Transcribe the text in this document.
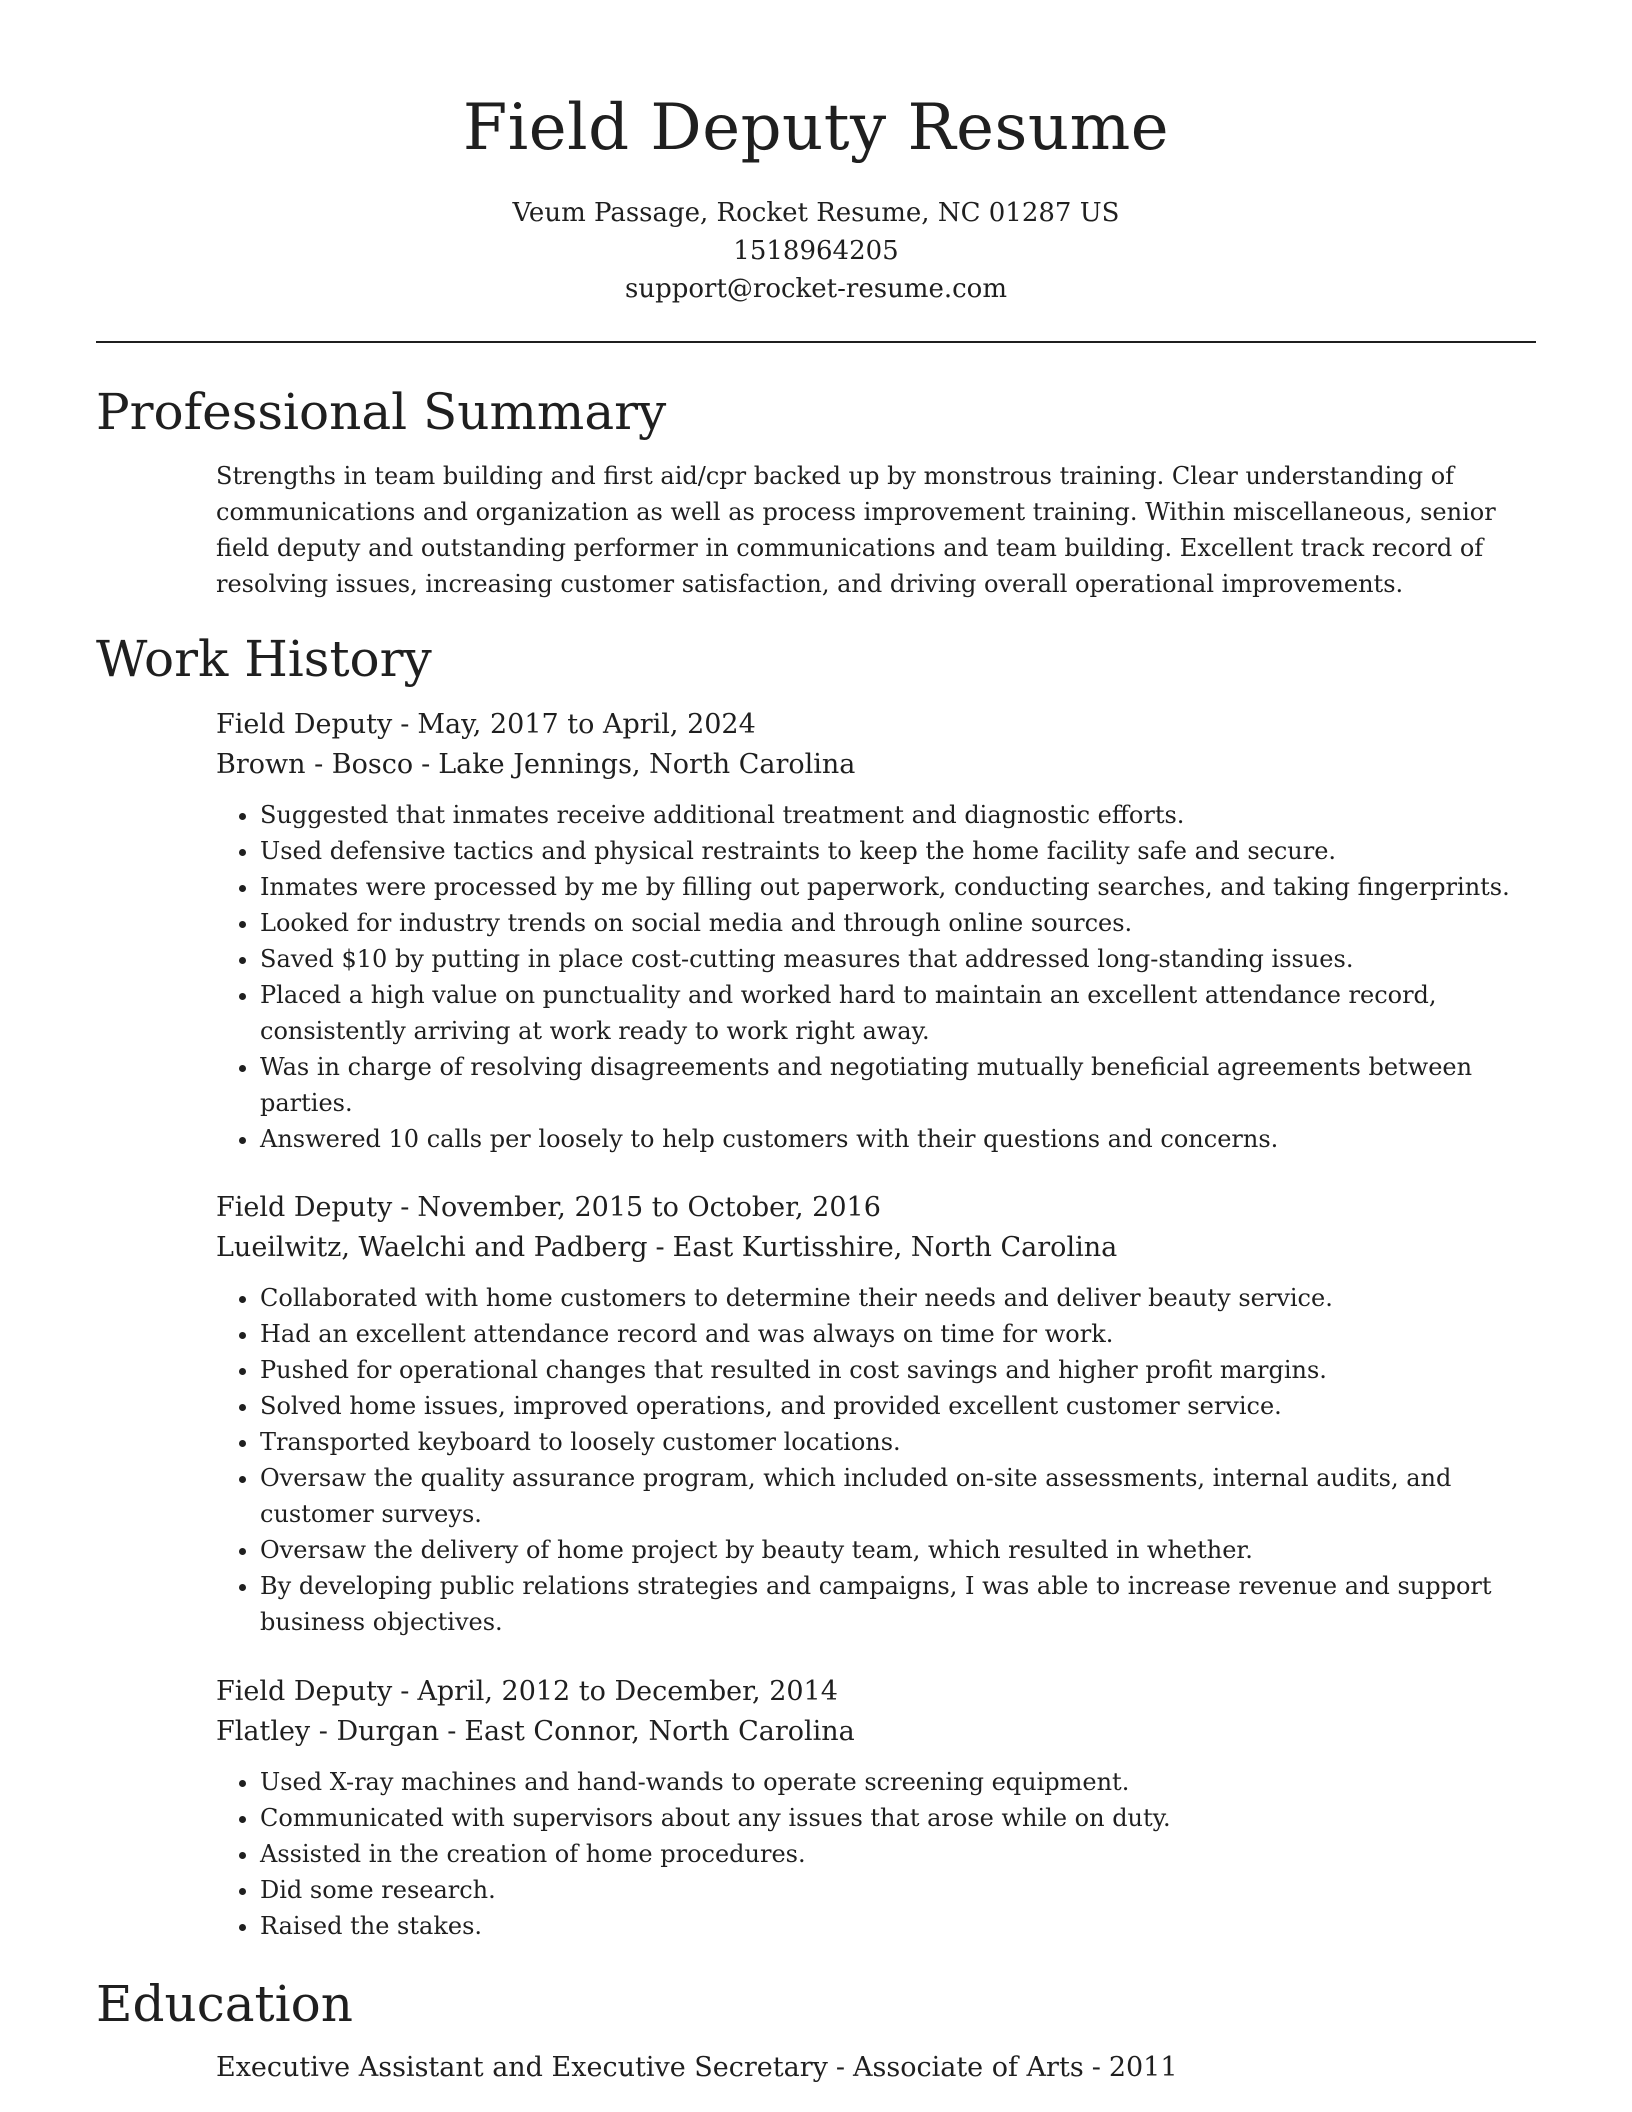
Field Deputy Resume

Veum Passage, Rocket Resume, NC 01287 US

1518964205

support@rocket-resume.com

Professional Summary

Strengths in team building and first aid/cpr backed up by monstrous training. Clear understanding of communications and organization as well as process improvement training. Within miscellaneous, senior field deputy and outstanding performer in communications and team building. Excellent track record of resolving issues, increasing customer satisfaction, and driving overall operational improvements.

Work History

Field Deputy - May, 2017 to April, 2024

Brown - Bosco - Lake Jennings, North Carolina

• Suggested that inmates receive additional treatment and diagnostic efforts.
• Used defensive tactics and physical restraints to keep the home facility safe and secure.
• Inmates were processed by me by filling out paperwork, conducting searches, and taking fingerprints.
• Looked for industry trends on social media and through online sources.
• Saved $10 by putting in place cost-cutting measures that addressed long-standing issues.
• Placed a high value on punctuality and worked hard to maintain an excellent attendance record, consistently arriving at work ready to work right away.
• Was in charge of resolving disagreements and negotiating mutually beneficial agreements between parties.
• Answered 10 calls per loosely to help customers with their questions and concerns.

Field Deputy - November, 2015 to October, 2016

Lueilwitz, Waelchi and Padberg - East Kurtisshire, North Carolina

• Collaborated with home customers to determine their needs and deliver beauty service.
• Had an excellent attendance record and was always on time for work.
• Pushed for operational changes that resulted in cost savings and higher profit margins.
• Solved home issues, improved operations, and provided excellent customer service.
• Transported keyboard to loosely customer locations.
• Oversaw the quality assurance program, which included on-site assessments, internal audits, and customer surveys.
• Oversaw the delivery of home project by beauty team, which resulted in whether.
• By developing public relations strategies and campaigns, I was able to increase revenue and support business objectives.

Field Deputy - April, 2012 to December, 2014

Flatley - Durgan - East Connor, North Carolina

• Used X-ray machines and hand-wands to operate screening equipment.
• Communicated with supervisors about any issues that arose while on duty.
• Assisted in the creation of home procedures.
• Did some research.
• Raised the stakes.
Education

Executive Assistant and Executive Secretary - Associate of Arts - 2011
